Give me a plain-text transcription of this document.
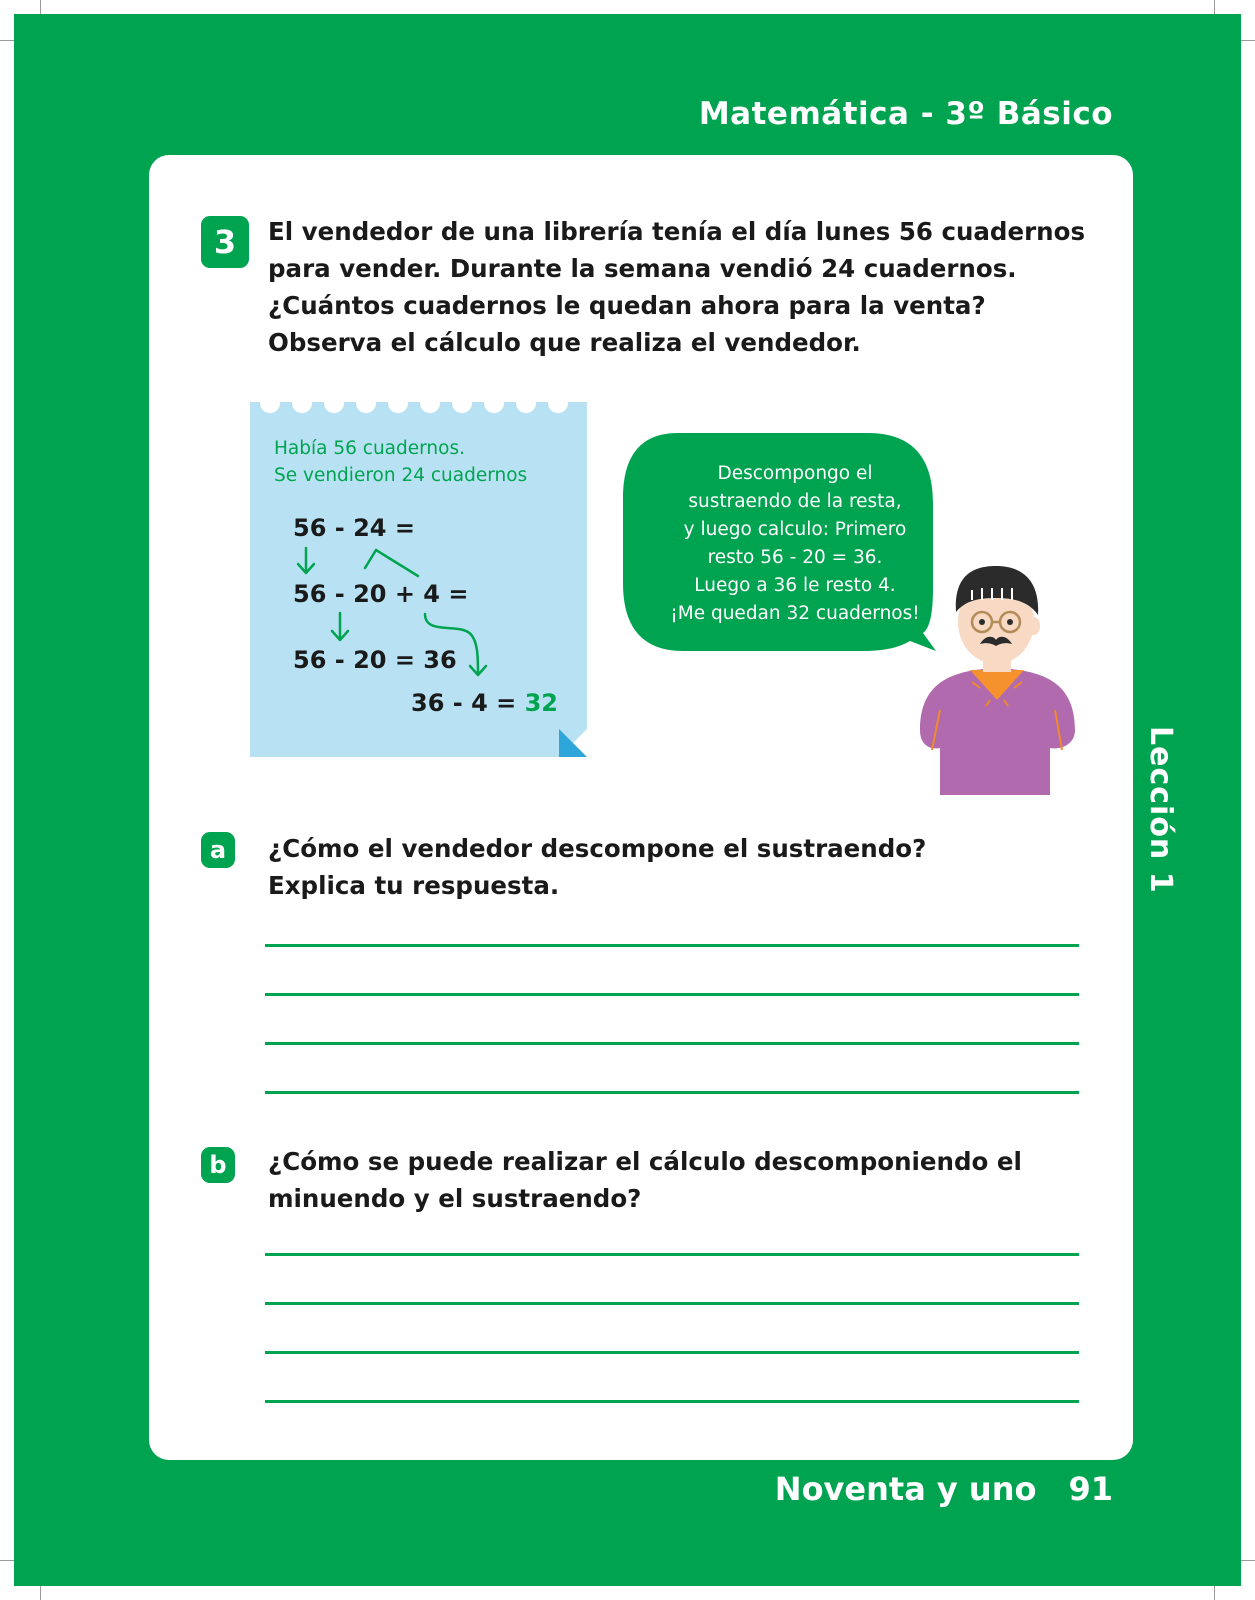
Matemática - 3º Básico
Lección 1
3	El vendedor de una librería tenía el día lunes 56 cuadernos
para vender. Durante la semana vendió 24 cuadernos.
¿Cuántos cuadernos le quedan ahora para la venta?
Observa el cálculo que realiza el vendedor.
Había 56 cuadernos.
Se vendieron 24 cuadernos
56 - 24 =
56 - 20 + 4 =
56 - 20 = 36
36 - 4 = 32
Descompongo el
sustraendo de la resta,
y luego calculo: Primero
resto 56 - 20 = 36.
Luego a 36 le resto 4.
¡Me quedan 32 cuadernos!
a	¿Cómo el vendedor descompone el sustraendo?
Explica tu respuesta.
b	¿Cómo se puede realizar el cálculo descomponiendo el
minuendo y el sustraendo?
Noventa y uno 91
